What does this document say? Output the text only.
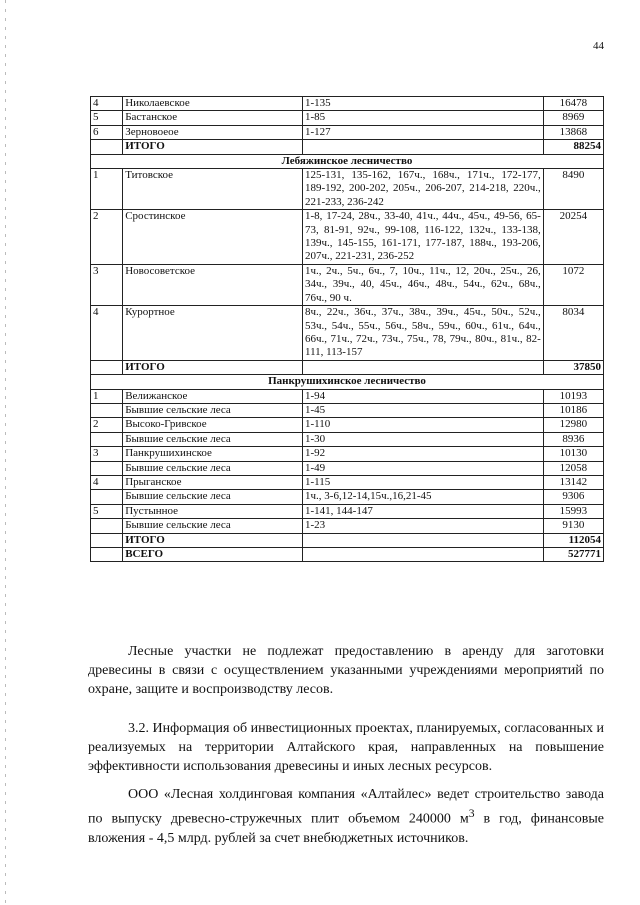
44
4	Николаевское	1-135	16478
5	Бастанское	1-85	8969
6	Зерновоеое	1-127	13868
	ИТОГО		88254
Лебяжинское лесничество			
1	Титовское	125-131, 135-162, 167ч., 168ч., 171ч., 172-177, 189-192, 200-202, 205ч., 206-207, 214-218, 220ч., 221-233, 236-242	8490
2	Сростинское	1-8, 17-24, 28ч., 33-40, 41ч., 44ч., 45ч., 49-56, 65-73, 81-91, 92ч., 99-108, 116-122, 132ч., 133-138, 139ч., 145-155, 161-171, 177-187, 188ч., 193-206, 207ч., 221-231, 236-252	20254
3	Новосоветское	1ч., 2ч., 5ч., 6ч., 7, 10ч., 11ч., 12, 20ч., 25ч., 26, 34ч., 39ч., 40, 45ч., 46ч., 48ч., 54ч., 62ч., 68ч., 76ч., 90 ч.	1072
4	Курортное	8ч., 22ч., 36ч., 37ч., 38ч., 39ч., 45ч., 50ч., 52ч., 53ч., 54ч., 55ч., 56ч., 58ч., 59ч., 60ч., 61ч., 64ч., 66ч., 71ч., 72ч., 73ч., 75ч., 78, 79ч., 80ч., 81ч., 82-111, 113-157	8034
	ИТОГО		37850
Панкрушихинское лесничество			
1	Велижанское	1-94	10193
	Бывшие сельские леса	1-45	10186
2	Высоко-Гривское	1-110	12980
	Бывшие сельские леса	1-30	8936
3	Панкрушихинское	1-92	10130
	Бывшие сельские леса	1-49	12058
4	Прыганское	1-115	13142
	Бывшие сельские леса	1ч., 3-6,12-14,15ч.,16,21-45	9306
5	Пустынное	1-141, 144-147	15993
	Бывшие сельские леса	1-23	9130
	ИТОГО		112054
	ВСЕГО		527771

Лесные участки не подлежат предоставлению в аренду для заготовки древесины в связи с осуществлением указанными учреждениями мероприятий по охране, защите и воспроизводству лесов.

3.2. Информация об инвестиционных проектах, планируемых, согласованных и реализуемых на территории Алтайского края, направленных на повышение эффективности использования древесины и иных лесных ресурсов.

ООО «Лесная холдинговая компания «Алтайлес» ведет строительство завода по выпуску древесно-стружечных плит объемом 240000 $м^3$ в год, финансовые вложения - 4,5 млрд. рублей за счет внебюджетных источников.
